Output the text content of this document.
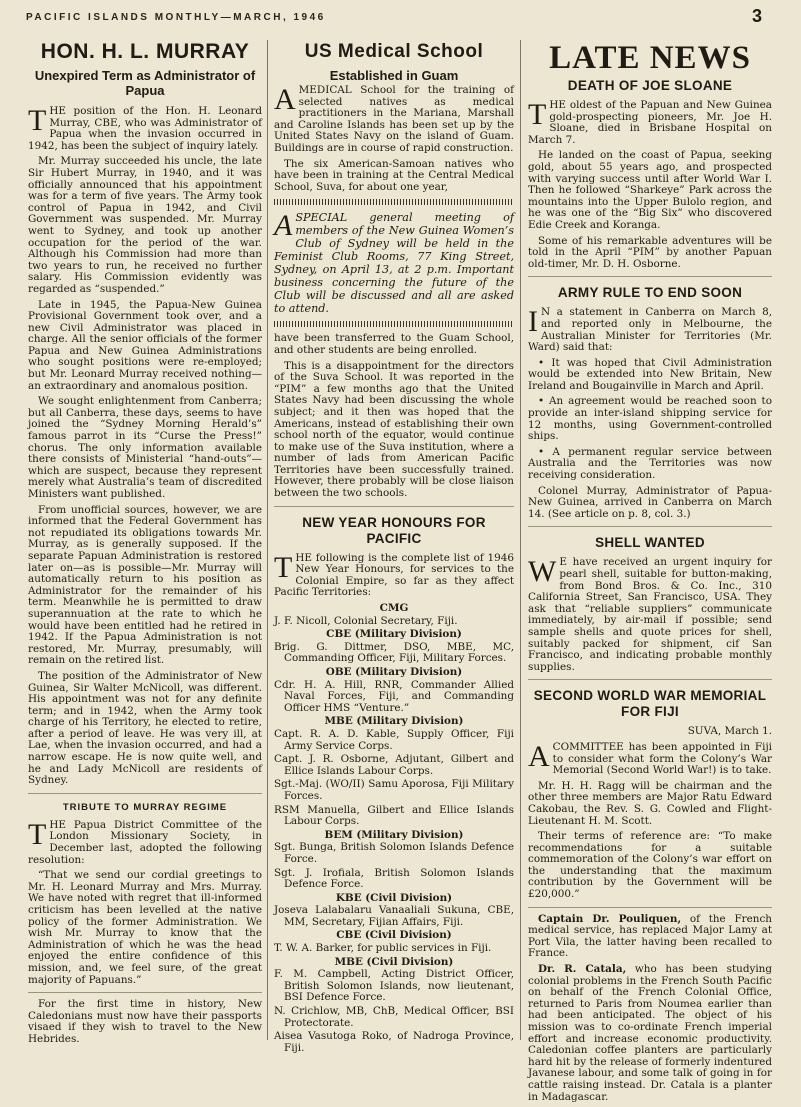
PACIFIC ISLANDS MONTHLY—MARCH, 1946	3
HON. H. L. MURRAY
Unexpired Term as Administrator of Papua

THE position of the Hon. H. Leonard Murray, CBE, who was Administrator of Papua when the invasion occurred in 1942, has been the subject of inquiry lately.

Mr. Murray succeeded his uncle, the late Sir Hubert Murray, in 1940, and it was officially announced that his appointment was for a term of five years. The Army took control of Papua in 1942, and Civil Government was suspended. Mr. Murray went to Sydney, and took up another occupation for the period of the war. Although his Commission had more than two years to run, he received no further salary. His Commission evidently was regarded as “suspended.”

Late in 1945, the Papua-New Guinea Provisional Government took over, and a new Civil Administrator was placed in charge. All the senior officials of the former Papua and New Guinea Administrations who sought positions were re-employed; but Mr. Leonard Murray received nothing—an extraordinary and anomalous position.

We sought enlightenment from Canberra; but all Canberra, these days, seems to have joined the “Sydney Morning Herald’s” famous parrot in its “Curse the Press!” chorus. The only information available there consists of Ministerial “hand-outs”—which are suspect, because they represent merely what Australia’s team of discredited Ministers want published.

From unofficial sources, however, we are informed that the Federal Government has not repudiated its obligations towards Mr. Murray, as is generally supposed. If the separate Papuan Administration is restored later on—as is possible—Mr. Murray will automatically return to his position as Administrator for the remainder of his term. Meanwhile he is permitted to draw superannuation at the rate to which he would have been entitled had he retired in 1942. If the Papua Administration is not restored, Mr. Murray, presumably, will remain on the retired list.

The position of the Administrator of New Guinea, Sir Walter McNicoll, was different. His appointment was not for any definite term; and in 1942, when the Army took charge of his Territory, he elected to retire, after a period of leave. He was very ill, at Lae, when the invasion occurred, and had a narrow escape. He is now quite well, and he and Lady McNicoll are residents of Sydney.

TRIBUTE TO MURRAY REGIME

THE Papua District Committee of the London Missionary Society, in December last, adopted the following resolution:

“That we send our cordial greetings to Mr. H. Leonard Murray and Mrs. Murray. We have noted with regret that ill-informed criticism has been levelled at the native policy of the former Administration. We wish Mr. Murray to know that the Administration of which he was the head enjoyed the entire confidence of this mission, and, we feel sure, of the great majority of Papuans.”

For the first time in history, New Caledonians must now have their passports visaed if they wish to travel to the New Hebrides.

US Medical School
Established in Guam

AMEDICAL School for the training of selected natives as medical practitioners in the Mariana, Marshall and Caroline Islands has been set up by the United States Navy on the island of Guam. Buildings are in course of rapid construction.

The six American-Samoan natives who have been in training at the Central Medical School, Suva, for about one year,

ASPECIAL general meeting of members of the New Guinea Women’s Club of Sydney will be held in the Feminist Club Rooms, 77 King Street, Sydney, on April 13, at 2 p.m. Important business concerning the future of the Club will be discussed and all are asked to attend.

have been transferred to the Guam School, and other students are being enrolled.

This is a disappointment for the directors of the Suva School. It was reported in the “PIM” a few months ago that the United States Navy had been discussing the whole subject; and it then was hoped that the Americans, instead of establishing their own school north of the equator, would continue to make use of the Suva institution, where a number of lads from American Pacific Territories have been successfully trained. However, there probably will be close liaison between the two schools.

NEW YEAR HONOURS FOR PACIFIC

THE following is the complete list of 1946 New Year Honours, for services to the Colonial Empire, so far as they affect Pacific Territories:

CMG

J. F. Nicoll, Colonial Secretary, Fiji.

CBE (Military Division)

Brig. G. Dittmer, DSO, MBE, MC, Commanding Officer, Fiji, Military Forces.

OBE (Military Division)

Cdr. H. A. Hill, RNR, Commander Allied Naval Forces, Fiji, and Commanding Officer HMS “Venture.”

MBE (Military Division)

Capt. R. A. D. Kable, Supply Officer, Fiji Army Service Corps.

Capt. J. R. Osborne, Adjutant, Gilbert and Ellice Islands Labour Corps.

Sgt.-Maj. (WO/II) Samu Aporosa, Fiji Military Forces.

RSM Manuella, Gilbert and Ellice Islands Labour Corps.

BEM (Military Division)

Sgt. Bunga, British Solomon Islands Defence Force.

Sgt. J. Irofiala, British Solomon Islands Defence Force.

KBE (Civil Division)

Joseva Lalabalaru Vanaaliali Sukuna, CBE, MM, Secretary, Fijian Affairs, Fiji.

CBE (Civil Division)

T. W. A. Barker, for public services in Fiji.

MBE (Civil Division)

F. M. Campbell, Acting District Officer, British Solomon Islands, now lieutenant, BSI Defence Force.

N. Crichlow, MB, ChB, Medical Officer, BSI Protectorate.

Aisea Vasutoga Roko, of Nadroga Province, Fiji.

LATE NEWS
DEATH OF JOE SLOANE

THE oldest of the Papuan and New Guinea gold-prospecting pioneers, Mr. Joe H. Sloane, died in Brisbane Hospital on March 7.

He landed on the coast of Papua, seeking gold, about 55 years ago, and prospected with varying success until after World War I. Then he followed “Sharkeye” Park across the mountains into the Upper Bulolo region, and he was one of the “Big Six” who discovered Edie Creek and Koranga.

Some of his remarkable adventures will be told in the April “PIM” by another Papuan old-timer, Mr. D. H. Osborne.

ARMY RULE TO END SOON

I N a statement in Canberra on March 8, and reported only in Melbourne, the Australian Minister for Territories (Mr. Ward) said that:

• It was hoped that Civil Administration would be extended into New Britain, New Ireland and Bougainville in March and April.

• An agreement would be reached soon to provide an inter-island shipping service for 12 months, using Government-controlled ships.

• A permanent regular service between Australia and the Territories was now receiving consideration.

Colonel Murray, Administrator of Papua-New Guinea, arrived in Canberra on March 14. (See article on p. 8, col. 3.)

SHELL WANTED

W E have received an urgent inquiry for pearl shell, suitable for button-making, from Bond Bros. & Co. Inc., 310 California Street, San Francisco, USA. They ask that “reliable suppliers” communicate immediately, by air-mail if possible; send sample shells and quote prices for shell, suitably packed for shipment, cif San Francisco, and indicating probable monthly supplies.

SECOND WORLD WAR MEMORIAL FOR FIJI

SUVA, March 1.

ACOMMITTEE has been appointed in Fiji to consider what form the Colony’s War Memorial (Second World War!) is to take.

Mr. H. H. Ragg will be chairman and the other three members are Major Ratu Edward Cakobau, the Rev. S. G. Cowled and Flight-Lieutenant H. M. Scott.

Their terms of reference are: “To make recommendations for a suitable commemoration of the Colony’s war effort on the understanding that the maximum contribution by the Government will be £20,000.”

Captain Dr. Pouliquen, of the French medical service, has replaced Major Lamy at Port Vila, the latter having been recalled to France.

Dr. R. Catala, who has been studying colonial problems in the French South Pacific on behalf of the French Colonial Office, returned to Paris from Noumea earlier than had been anticipated. The object of his mission was to co-ordinate French imperial effort and increase economic productivity. Caledonian coffee planters are particularly hard hit by the release of formerly indentured Javanese labour, and some talk of going in for cattle raising instead. Dr. Catala is a planter in Madagascar.
